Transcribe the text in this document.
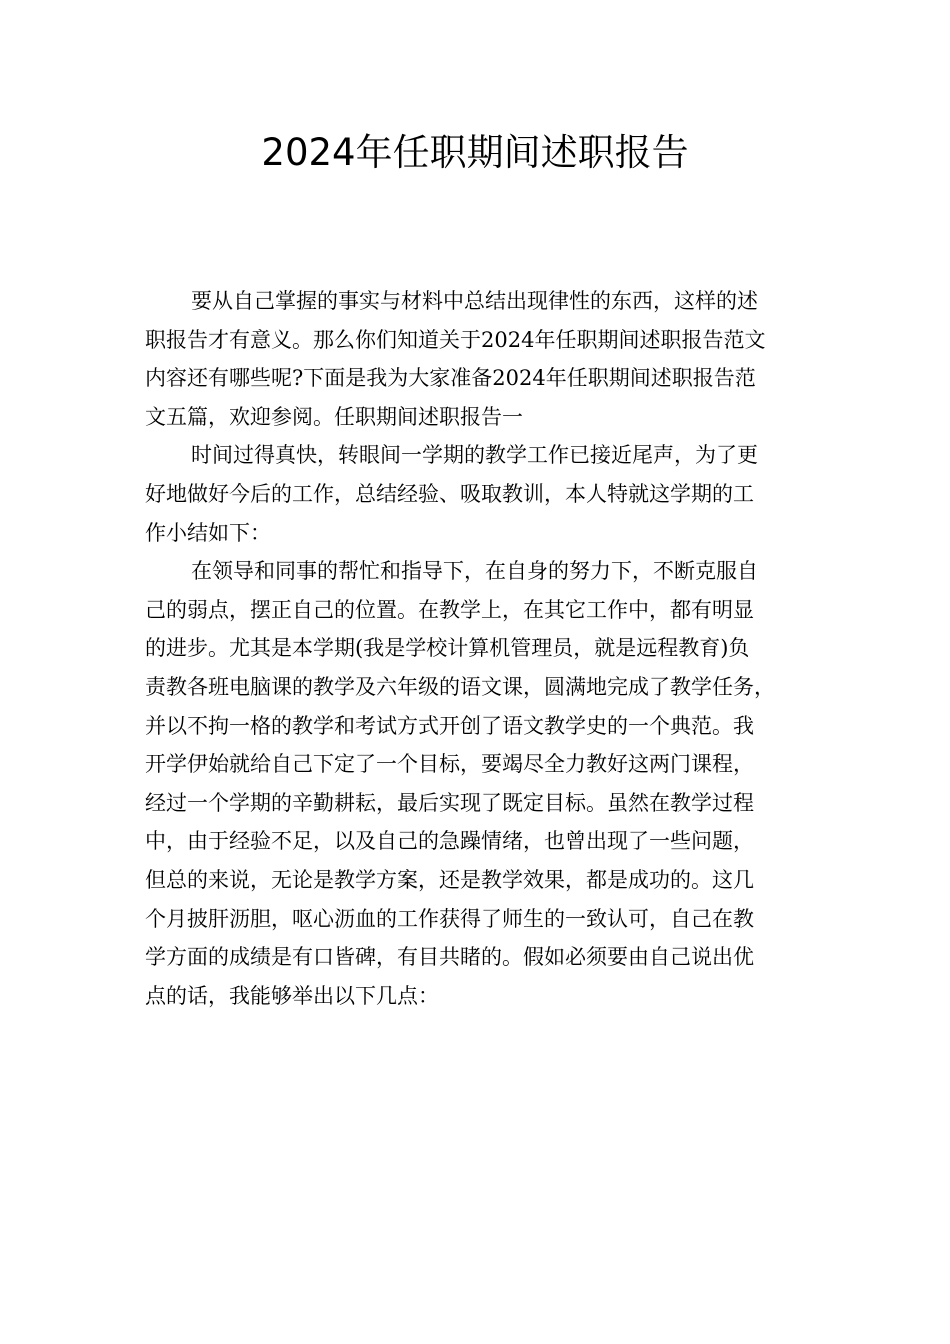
2024年任职期间述职报告
要从自己掌握的事实与材料中总结出现律性的东西，这样的述
职报告才有意义。那么你们知道关于2024年任职期间述职报告范文
内容还有哪些呢?下面是我为大家准备2024年任职期间述职报告范
文五篇，欢迎参阅。任职期间述职报告一
时间过得真快，转眼间一学期的教学工作已接近尾声，为了更
好地做好今后的工作，总结经验、吸取教训，本人特就这学期的工
作小结如下：
在领导和同事的帮忙和指导下，在自身的努力下，不断克服自
己的弱点，摆正自己的位置。在教学上，在其它工作中，都有明显
的进步。尤其是本学期(我是学校计算机管理员，就是远程教育)负
责教各班电脑课的教学及六年级的语文课，圆满地完成了教学任务，
并以不拘一格的教学和考试方式开创了语文教学史的一个典范。我
开学伊始就给自己下定了一个目标，要竭尽全力教好这两门课程，
经过一个学期的辛勤耕耘，最后实现了既定目标。虽然在教学过程
中，由于经验不足，以及自己的急躁情绪，也曾出现了一些问题，
但总的来说，无论是教学方案，还是教学效果，都是成功的。这几
个月披肝沥胆，呕心沥血的工作获得了师生的一致认可，自己在教
学方面的成绩是有口皆碑，有目共睹的。假如必须要由自己说出优
点的话，我能够举出以下几点：
